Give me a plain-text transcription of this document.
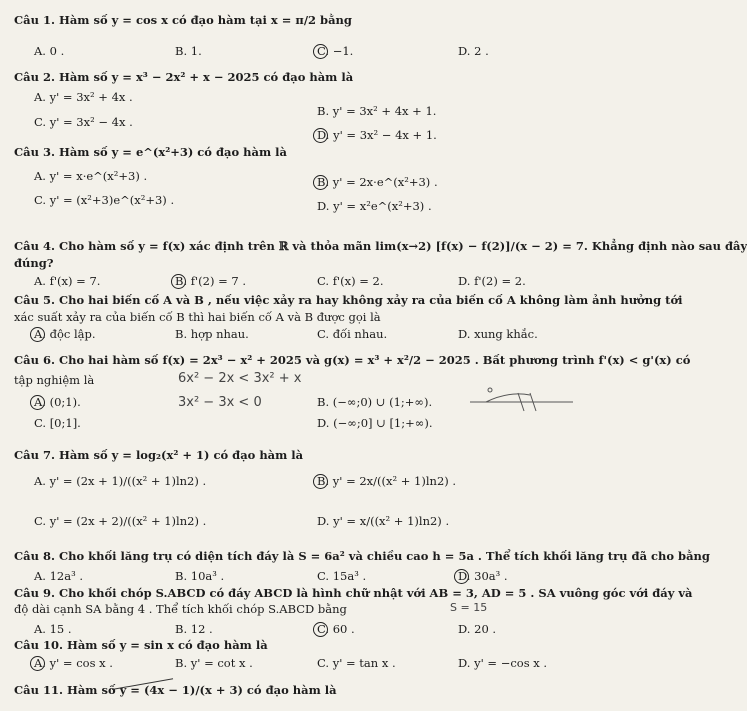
Câu 1. Hàm số y = cos x có đạo hàm tại x = π/2 bằng
A. 0 .	B. 1.	C. −1.	D. 2 .
Câu 2. Hàm số y = x³ − 2x² + x − 2025 có đạo hàm là
A. y' = 3x² + 4x .
B. y' = 3x² + 4x + 1.
C. y' = 3x² − 4x .
D. y' = 3x² − 4x + 1.
Câu 3. Hàm số y = e^(x²+3) có đạo hàm là
A. y' = x·e^(x²+3) .	B. y' = 2x·e^(x²+3) .
C. y' = (x²+3)e^(x²+3) .	D. y' = x²e^(x²+3) .
Câu 4. Cho hàm số y = f(x) xác định trên ℝ và thỏa mãn lim(x→2) [f(x) − f(2)]/(x − 2) = 7. Khẳng định nào sau đây
đúng?
A. f'(x) = 7.	B. f'(2) = 7 .	C. f'(x) = 2.	D. f'(2) = 2.
Câu 5. Cho hai biến cố A và B , nếu việc xảy ra hay không xảy ra của biến cố A không làm ảnh hưởng tới
xác suất xảy ra của biến cố B thì hai biến cố A và B được gọi là
A. độc lập.	B. hợp nhau.	C. đối nhau.	D. xung khắc.
Câu 6. Cho hai hàm số f(x) = 2x³ − x² + 2025 và g(x) = x³ + x²/2 − 2025 . Bất phương trình f'(x) < g'(x) có
tập nghiệm là	6x² − 2x < 3x² + x
A. (0;1).	3x² − 3x < 0	B. (−∞;0) ∪ (1;+∞).
C. [0;1].	D. (−∞;0] ∪ [1;+∞).
Câu 7. Hàm số y = log₂(x² + 1) có đạo hàm là
A. y' = (2x + 1)/((x² + 1)ln2) .	B. y' = 2x/((x² + 1)ln2) .
C. y' = (2x + 2)/((x² + 1)ln2) .	D. y' = x/((x² + 1)ln2) .
Câu 8. Cho khối lăng trụ có diện tích đáy là S = 6a² và chiều cao h = 5a . Thể tích khối lăng trụ đã cho bằng
A. 12a³ .	B. 10a³ .	C. 15a³ .	D. 30a³ .
Câu 9. Cho khối chóp S.ABCD có đáy ABCD là hình chữ nhật với AB = 3, AD = 5 . SA vuông góc với đáy và
độ dài cạnh SA bằng 4 . Thể tích khối chóp S.ABCD bằng	S = 15
A. 15 .	B. 12 .	C. 60 .	D. 20 .
Câu 10. Hàm số y = sin x có đạo hàm là
A. y' = cos x .	B. y' = cot x .	C. y' = tan x .	D. y' = −cos x .
Câu 11. Hàm số y = (4x − 1)/(x + 3) có đạo hàm là
